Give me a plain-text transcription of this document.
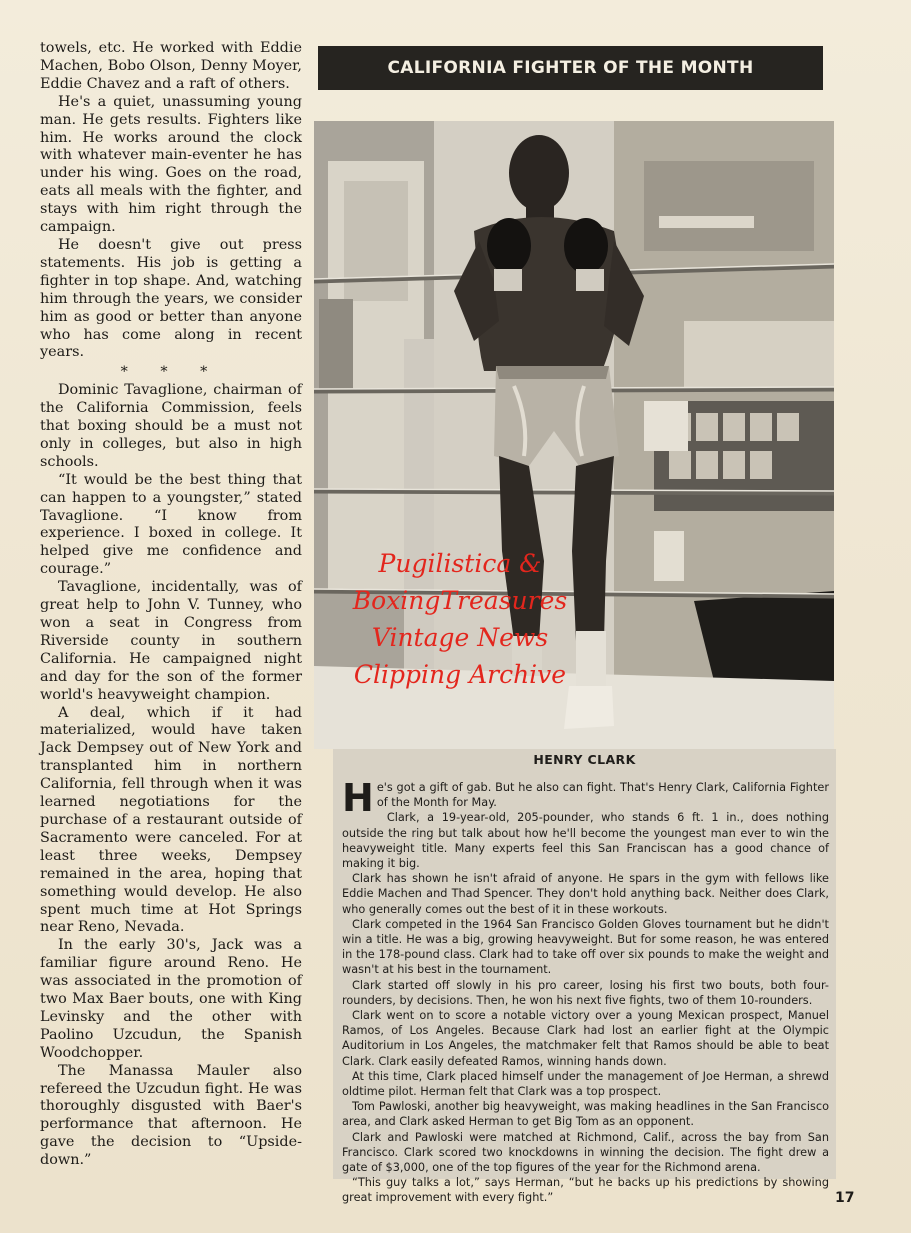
towels, etc. He worked with Eddie Machen, Bobo Olson, Denny Moyer, Eddie Chavez and a raft of others.

He's a quiet, unassuming young man. He gets results. Fighters like him. He works around the clock with whatever main-eventer he has under his wing. Goes on the road, eats all meals with the fighter, and stays with him right through the campaign.

He doesn't give out press statements. His job is getting a fighter in top shape. And, watching him through the years, we consider him as good or better than anyone who has come along in recent years.

* * *

Dominic Tavaglione, chairman of the California Commission, feels that boxing should be a must not only in colleges, but also in high schools.

“It would be the best thing that can happen to a youngster,” stated Tavaglione. “I know from experience. I boxed in college. It helped give me confidence and courage.”

Tavaglione, incidentally, was of great help to John V. Tunney, who won a seat in Congress from Riverside county in southern California. He campaigned night and day for the son of the former world's heavyweight champion.

A deal, which if it had materialized, would have taken Jack Dempsey out of New York and transplanted him in northern California, fell through when it was learned negotiations for the purchase of a restaurant outside of Sacramento were canceled. For at least three weeks, Dempsey remained in the area, hoping that something would develop. He also spent much time at Hot Springs near Reno, Nevada.

In the early 30's, Jack was a familiar figure around Reno. He was associated in the promotion of two Max Baer bouts, one with King Levinsky and the other with Paolino Uzcudun, the Spanish Woodchopper.

The Manassa Mauler also refereed the Uzcudun fight. He was thoroughly disgusted with Baer's performance that afternoon. He gave the decision to “Upside-down.”

CALIFORNIA FIGHTER OF THE MONTH
Pugilistica &
BoxingTreasures
Vintage News
Clipping Archive
HENRY CLARK

He's got a gift of gab. But he also can fight. That's Henry Clark, California Fighter of the Month for May.

Clark, a 19-year-old, 205-pounder, who stands 6 ft. 1 in., does nothing outside the ring but talk about how he'll become the youngest man ever to win the heavyweight title. Many experts feel this San Franciscan has a good chance of making it big.

Clark has shown he isn't afraid of anyone. He spars in the gym with fellows like Eddie Machen and Thad Spencer. They don't hold anything back. Neither does Clark, who generally comes out the best of it in these workouts.

Clark competed in the 1964 San Francisco Golden Gloves tournament but he didn't win a title. He was a big, growing heavyweight. But for some reason, he was entered in the 178-pound class. Clark had to take off over six pounds to make the weight and wasn't at his best in the tournament.

Clark started off slowly in his pro career, losing his first two bouts, both four-rounders, by decisions. Then, he won his next five fights, two of them 10-rounders.

Clark went on to score a notable victory over a young Mexican prospect, Manuel Ramos, of Los Angeles. Because Clark had lost an earlier fight at the Olympic Auditorium in Los Angeles, the matchmaker felt that Ramos should be able to beat Clark. Clark easily defeated Ramos, winning hands down.

At this time, Clark placed himself under the management of Joe Herman, a shrewd oldtime pilot. Herman felt that Clark was a top prospect.

Tom Pawloski, another big heavyweight, was making headlines in the San Francisco area, and Clark asked Herman to get Big Tom as an opponent.

Clark and Pawloski were matched at Richmond, Calif., across the bay from San Francisco. Clark scored two knockdowns in winning the decision. The fight drew a gate of $3,000, one of the top figures of the year for the Richmond arena.

“This guy talks a lot,” says Herman, “but he backs up his predictions by showing great improvement with every fight.”	17
